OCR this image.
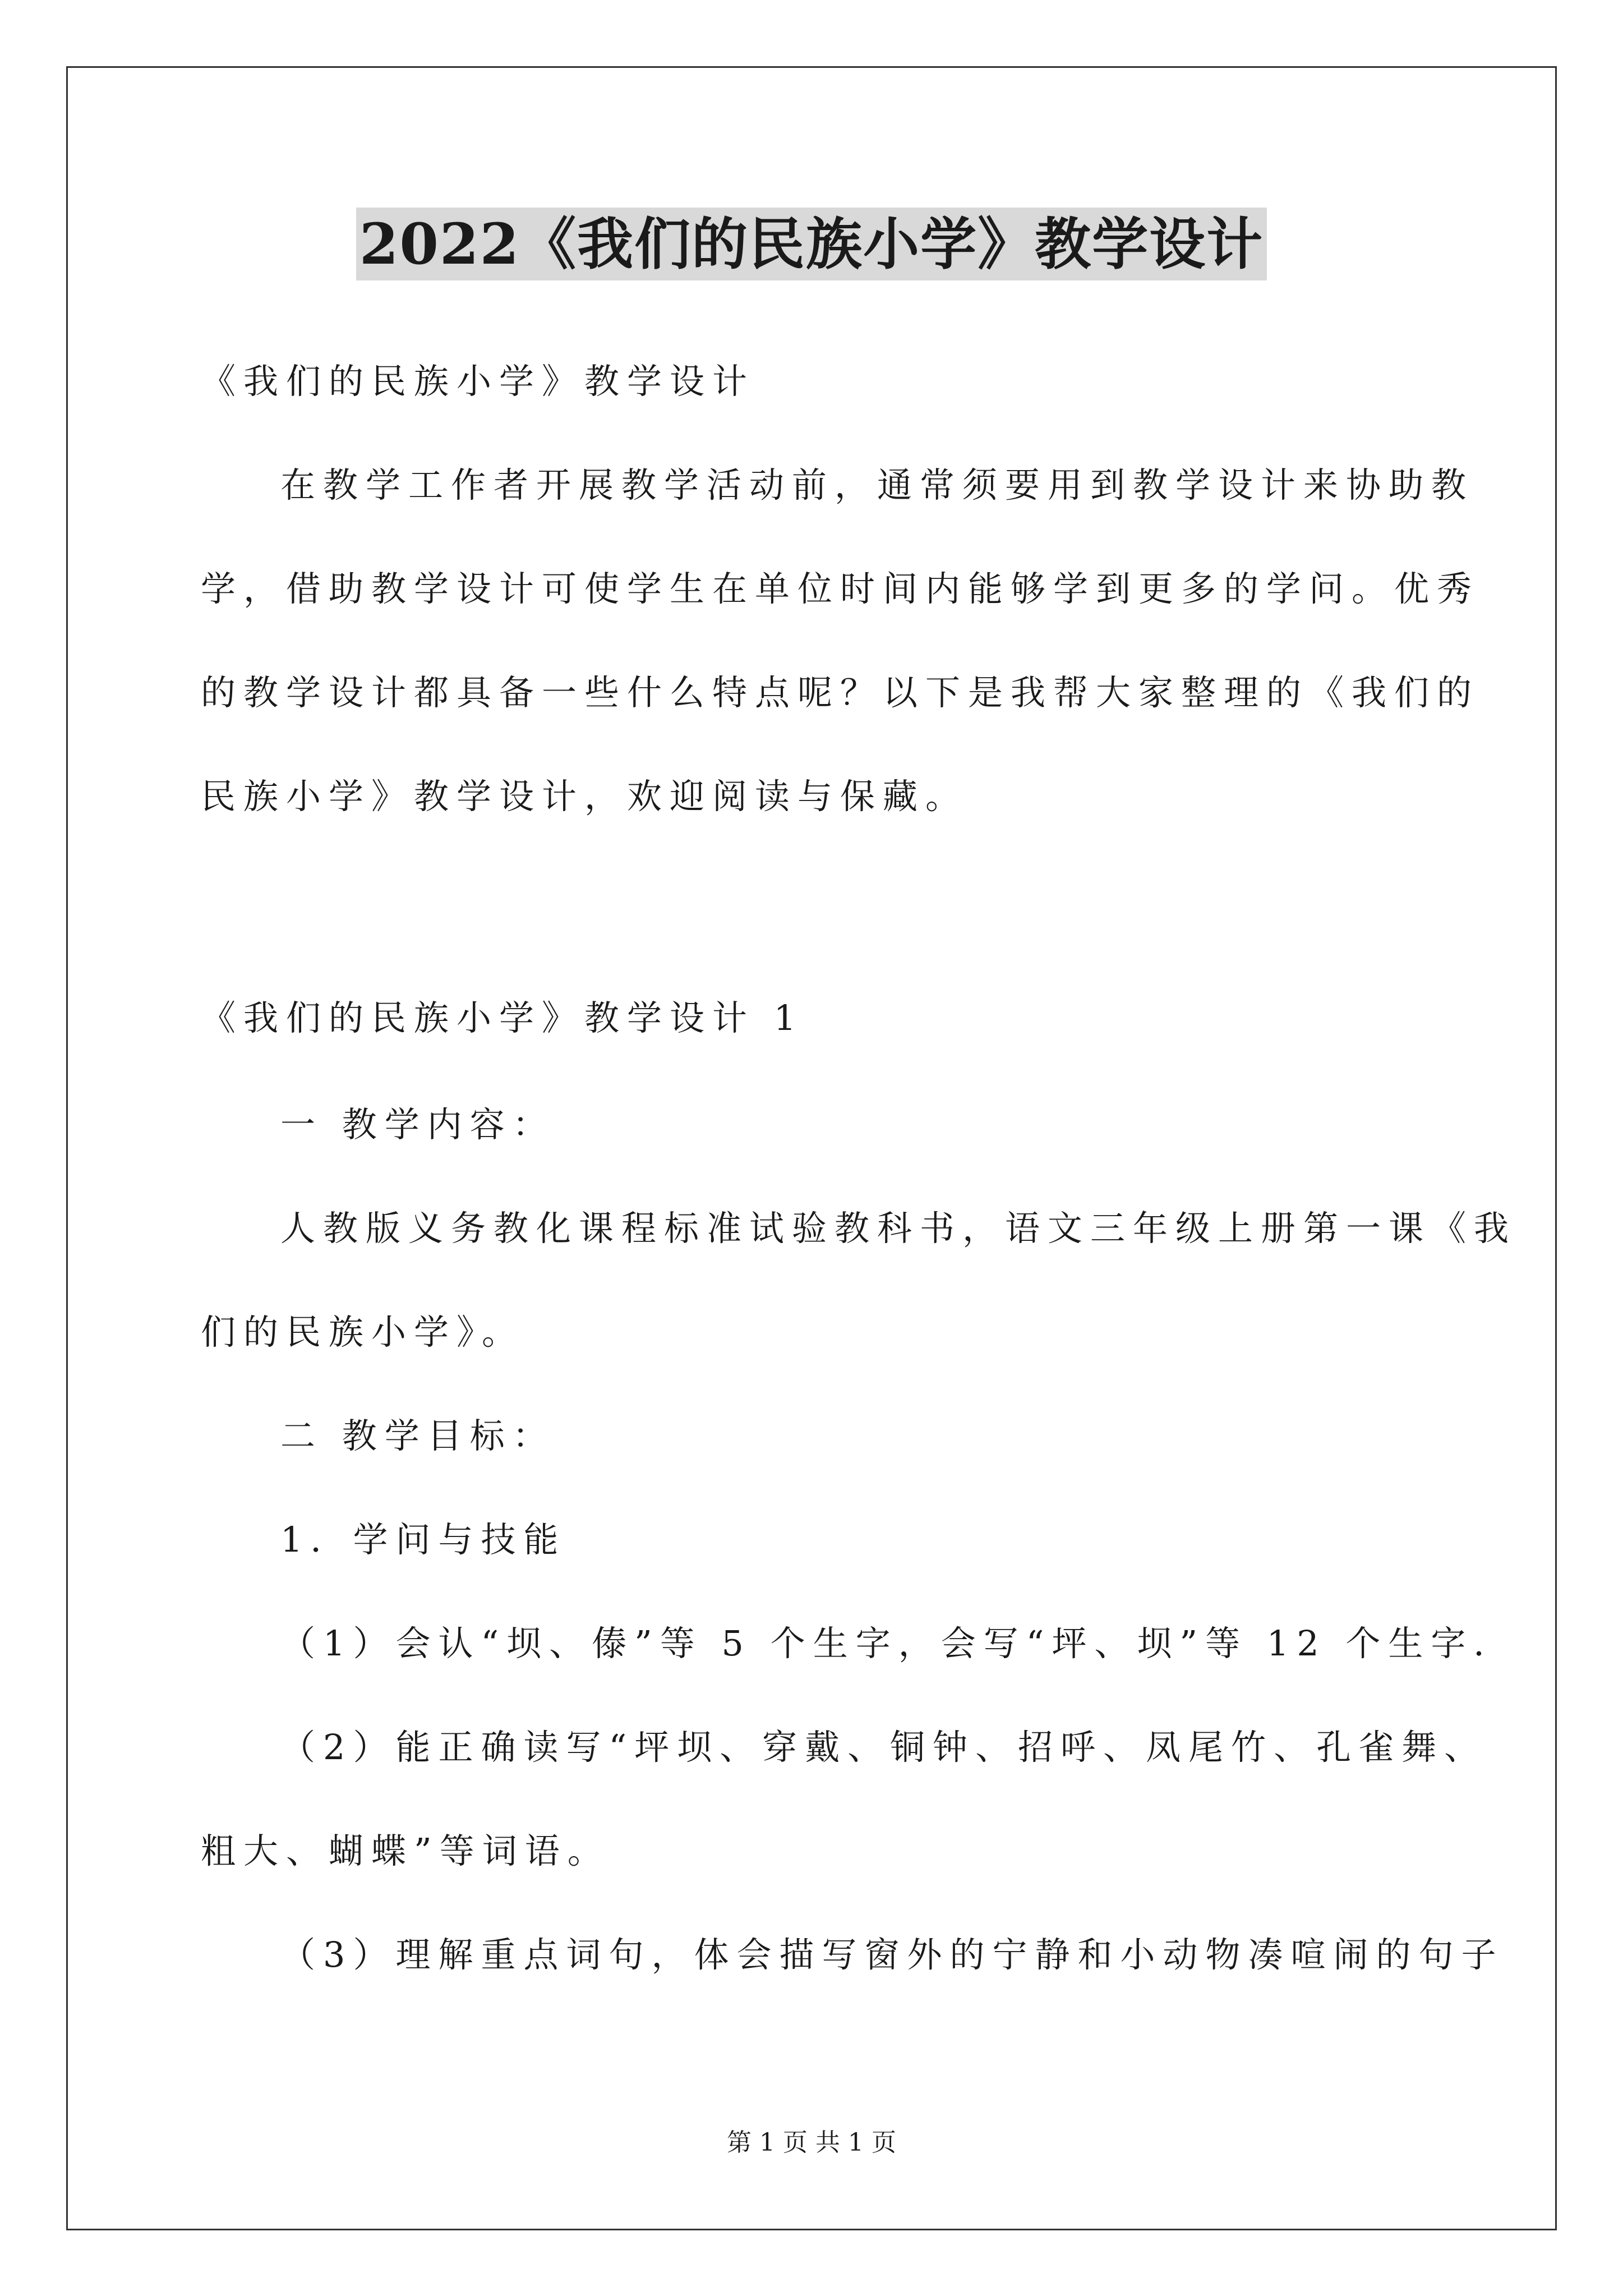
2022《我们的民族小学》教学设计
《我们的民族小学》教学设计
在教学工作者开展教学活动前，通常须要用到教学设计来协助教
学，借助教学设计可使学生在单位时间内能够学到更多的学问。优秀
的教学设计都具备一些什么特点呢？以下是我帮大家整理的《我们的
民族小学》教学设计，欢迎阅读与保藏。
《我们的民族小学》教学设计 1
一 教学内容：
人教版义务教化课程标准试验教科书，语文三年级上册第一课《我
们的民族小学》。
二 教学目标：
1．学问与技能
（1）会认“坝、傣”等 5 个生字，会写“坪、坝”等 12 个生字．
（2）能正确读写“坪坝、穿戴、铜钟、招呼、凤尾竹、孔雀舞、
粗大、蝴蝶”等词语。
（3）理解重点词句，体会描写窗外的宁静和小动物凑喧闹的句子
第 1 页 共 1 页
